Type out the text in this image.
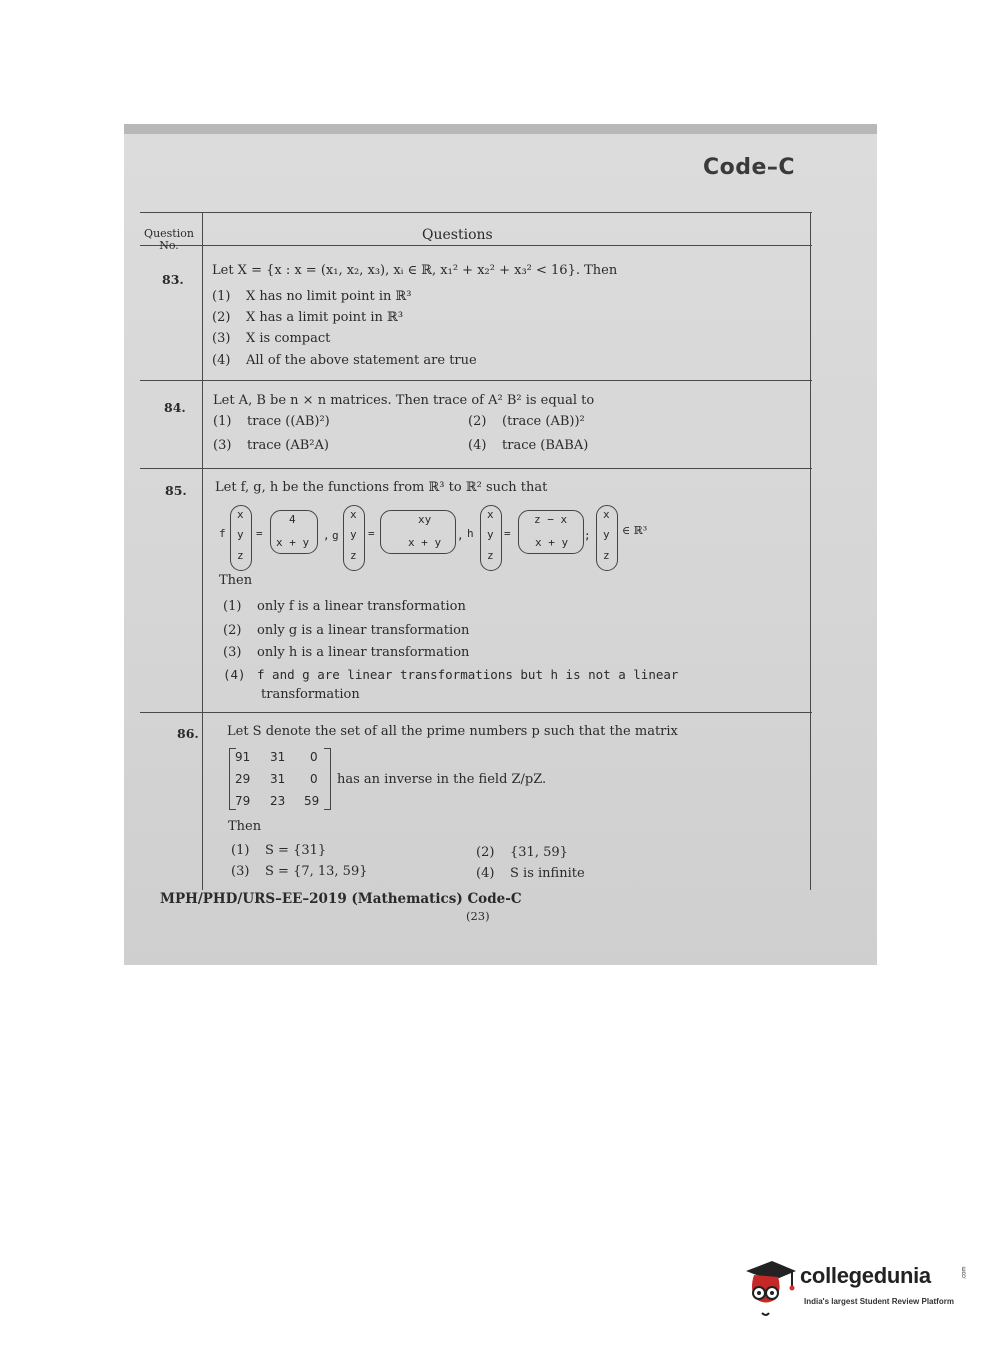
Code–C
Question No.
Questions
83.
Let X = {x : x = (x₁, x₂, x₃), xᵢ ∈ ℝ, x₁² + x₂² + x₃² < 16}. Then
(1) X has no limit point in ℝ³
(2) X has a limit point in ℝ³
(3) X is compact
(4) All of the above statement are true
84. Let A, B be n × n matrices. Then trace of A² B² is equal to
(1) trace ((AB)²)	(2) (trace (AB))²
(3) trace (AB²A)	(4) trace (BABA)
85. Let f, g, h be the functions from ℝ³ to ℝ² such that
f
x
y
z
=
4
x + y
, g
x
y
z
=
xy
x + y
, h
x
y
z
=
z − x
x + y
;
x
y
z
∈ ℝ³
Then
(1) only f is a linear transformation
(2) only g is a linear transformation
(3) only h is a linear transformation
(4) f and g are linear transformations but h is not a linear
transformation
86. Let S denote the set of all the prime numbers p such that the matrix
91 31 0
29 31 0
79 23 59
has an inverse in the field Z/pZ.
Then
(1) S = {31}	(2) {31, 59}
(3) S = {7, 13, 59}	(4) S is infinite
MPH/PHD/URS–EE–2019 (Mathematics) Code-C
(23)
collegedunia	.com
India's largest Student Review Platform
